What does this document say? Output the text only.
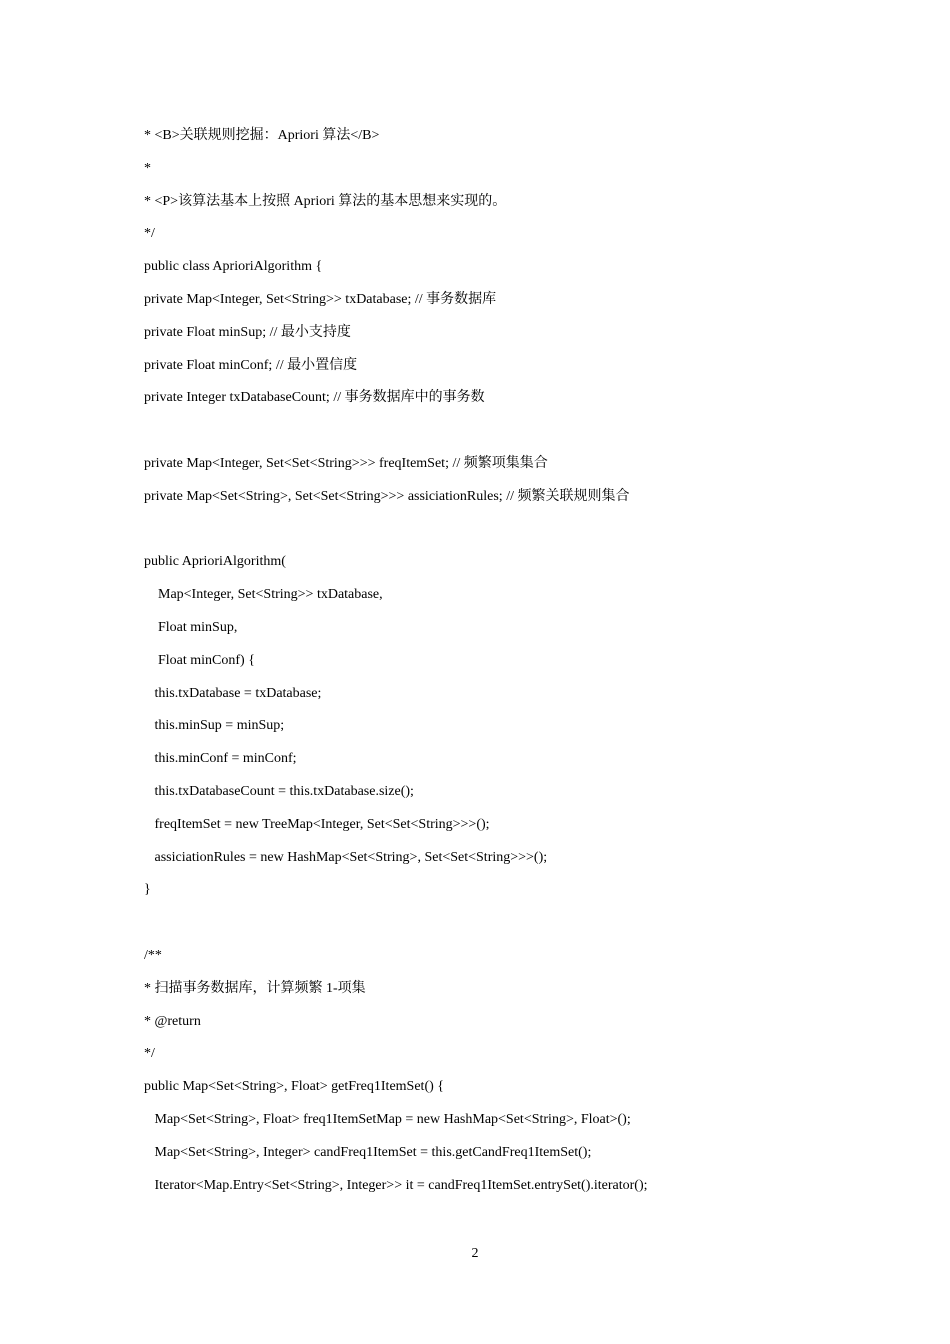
* <B>关联规则挖掘：Apriori 算法</B>
*
* <P>该算法基本上按照 Apriori 算法的基本思想来实现的。
*/
public class AprioriAlgorithm {
private Map<Integer, Set<String>> txDatabase; // 事务数据库
private Float minSup; // 最小支持度
private Float minConf; // 最小置信度
private Integer txDatabaseCount; // 事务数据库中的事务数
private Map<Integer, Set<Set<String>>> freqItemSet; // 频繁项集集合
private Map<Set<String>, Set<Set<String>>> assiciationRules; // 频繁关联规则集合
public AprioriAlgorithm(
Map<Integer, Set<String>> txDatabase,
Float minSup,
Float minConf) {
this.txDatabase = txDatabase;
this.minSup = minSup;
this.minConf = minConf;
this.txDatabaseCount = this.txDatabase.size();
freqItemSet = new TreeMap<Integer, Set<Set<String>>>();
assiciationRules = new HashMap<Set<String>, Set<Set<String>>>();
}
/**
* 扫描事务数据库，计算频繁 1-项集
* @return
*/
public Map<Set<String>, Float> getFreq1ItemSet() {
Map<Set<String>, Float> freq1ItemSetMap = new HashMap<Set<String>, Float>();
Map<Set<String>, Integer> candFreq1ItemSet = this.getCandFreq1ItemSet();
Iterator<Map.Entry<Set<String>, Integer>> it = candFreq1ItemSet.entrySet().iterator();
2
